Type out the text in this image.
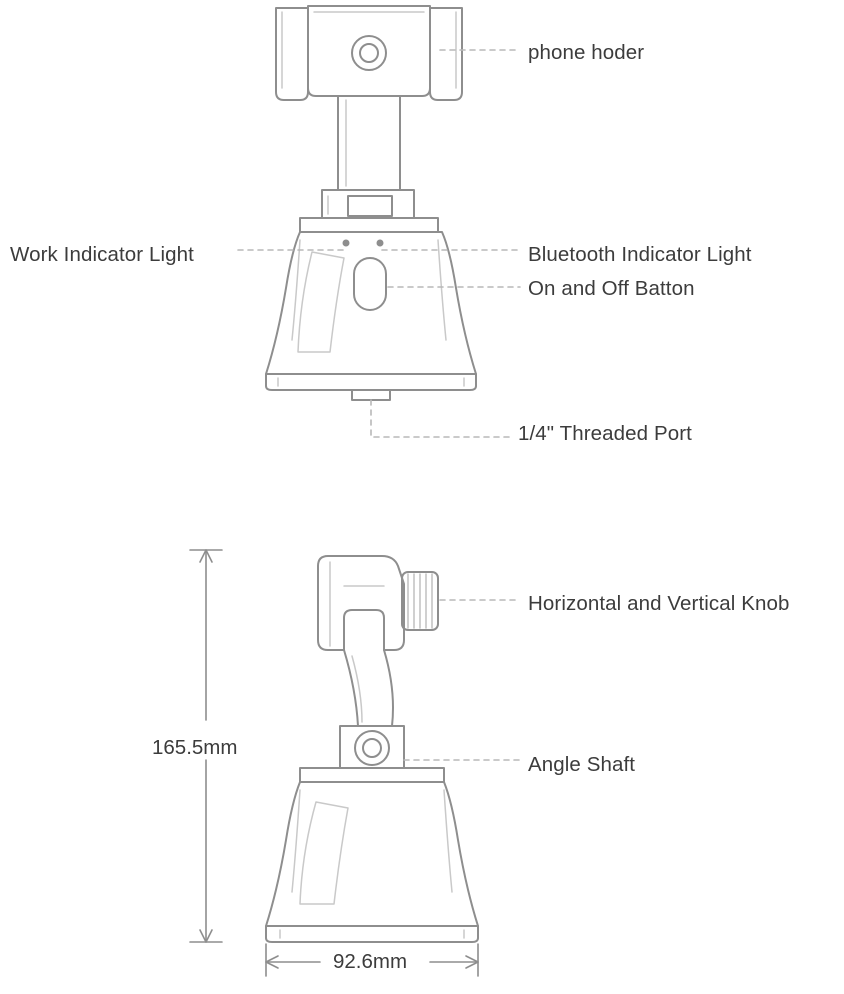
phone hoder
Work Indicator Light	Bluetooth Indicator Light
On and Off Batton
1/4" Threaded Port
Horizontal and Vertical Knob
Angle Shaft
165.5mm
92.6mm
